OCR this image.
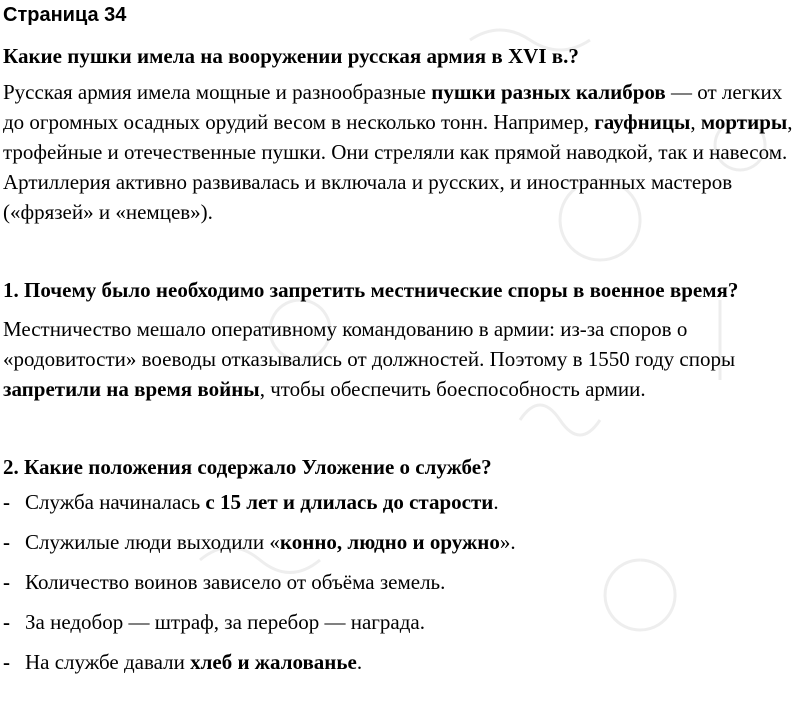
Страница 34
Какие пушки имела на вооружении русская армия в XVI в.?

Русская армия имела мощные и разнообразные пушки разных калибров — от легких до огромных осадных орудий весом в несколько тонн. Например, гауфницы, мортиры, трофейные и отечественные пушки. Они стреляли как прямой наводкой, так и навесом. Артиллерия активно развивалась и включала и русских, и иностранных мастеров («фрязей» и «немцев»).

1. Почему было необходимо запретить местнические споры в военное время?

Местничество мешало оперативному командованию в армии: из-за споров о «родовитости» воеводы отказывались от должностей. Поэтому в 1550 году споры запретили на время войны, чтобы обеспечить боеспособность армии.

2. Какие положения содержало Уложение о службе?
- Служба начиналась с 15 лет и длилась до старости.
- Служилые люди выходили «конно, людно и оружно».
- Количество воинов зависело от объёма земель.
- За недобор — штраф, за перебор — награда.
- На службе давали хлеб и жалованье.
